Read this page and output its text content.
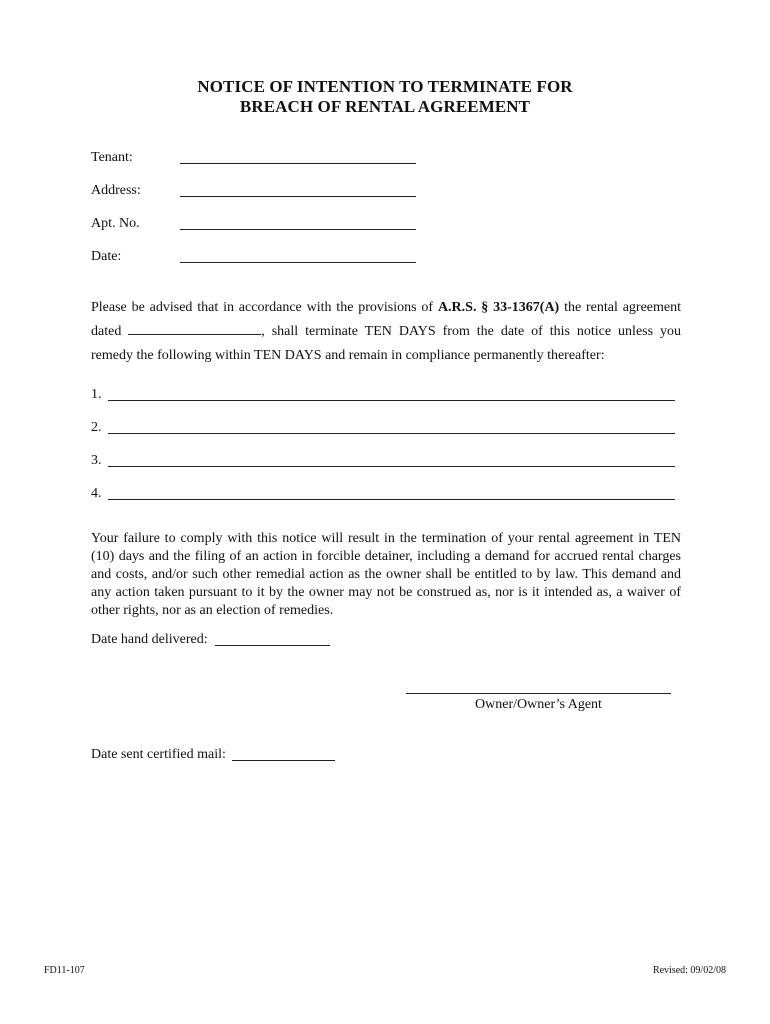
NOTICE OF INTENTION TO TERMINATE FOR
BREACH OF RENTAL AGREEMENT
Tenant:
Address:
Apt. No.
Date:
Please be advised that in accordance with the provisions of A.R.S. § 33-1367(A) the rental agreement
dated	, shall terminate TEN DAYS from the date of this notice unless you
remedy the following within TEN DAYS and remain in compliance permanently thereafter:
1.
2.
3.
4.
Your failure to comply with this notice will result in the termination of your rental agreement in TEN (10) days and the filing of an action in forcible detainer, including a demand for accrued rental charges and costs, and/or such other remedial action as the owner shall be entitled to by law. This demand and any action taken pursuant to it by the owner may not be construed as, nor is it intended as, a waiver of other rights, nor as an election of remedies.
Date hand delivered:
Owner/Owner’s Agent
Date sent certified mail:
FD11-107	Revised: 09/02/08
